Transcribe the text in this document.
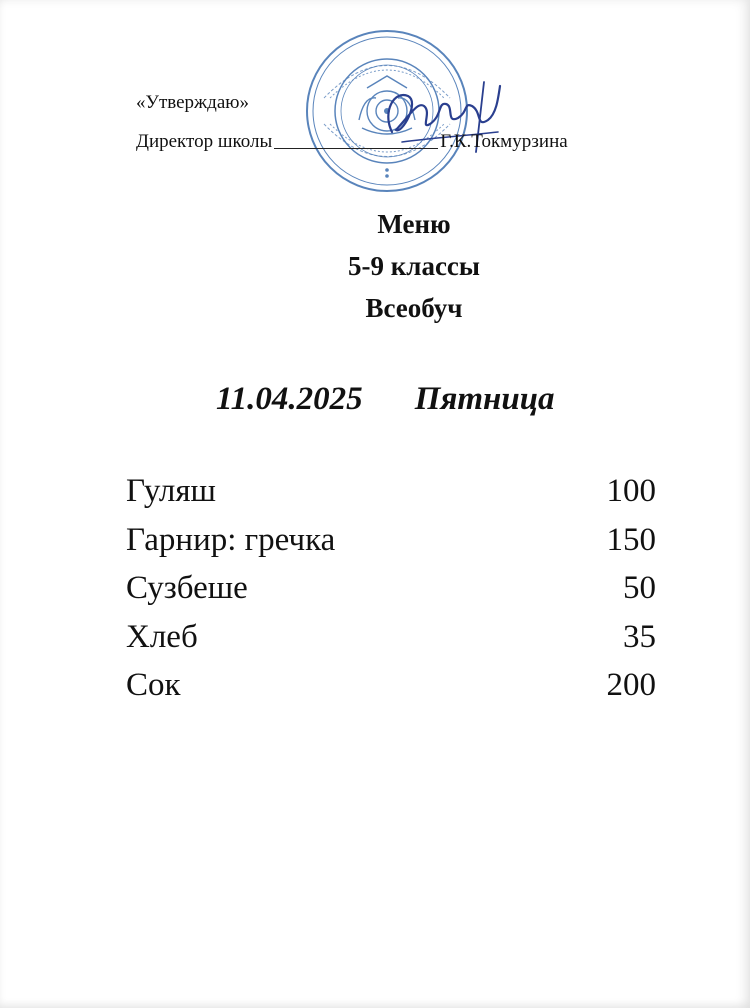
«Утверждаю»
Директор школы	Г.К.Токмурзина
Меню
5-9 классы
Всеобуч
11.04.2025 Пятница
Гуляш	100
Гарнир: гречка	150
Сузбеше	50
Хлеб	35
Сок	200
